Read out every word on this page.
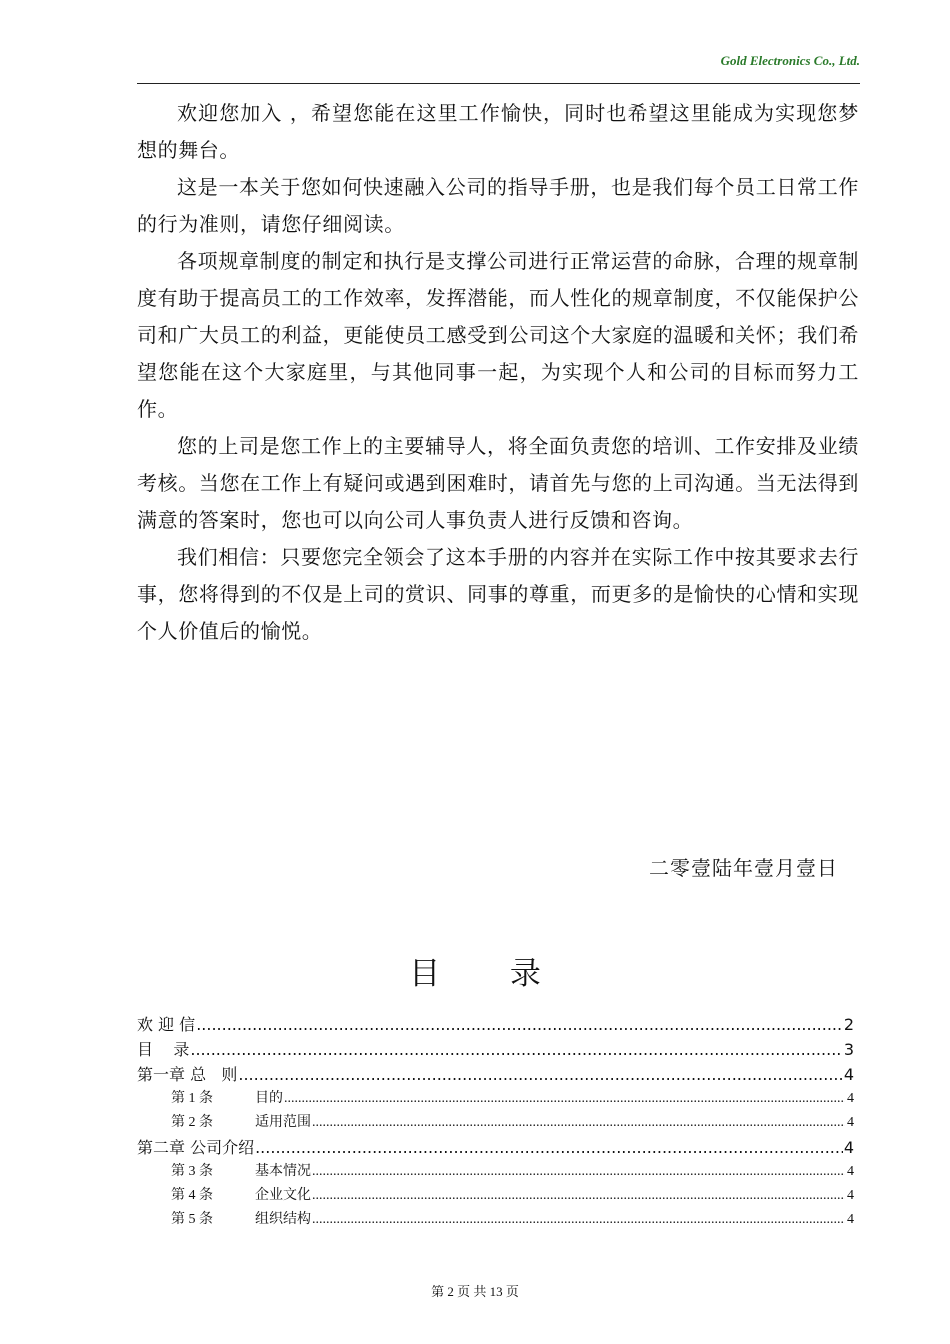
Gold Electronics Co., Ltd.

欢迎您加入 ，希望您能在这里工作愉快，同时也希望这里能成为实现您梦想的舞台。

这是一本关于您如何快速融入公司的指导手册，也是我们每个员工日常工作的行为准则，请您仔细阅读。

各项规章制度的制定和执行是支撑公司进行正常运营的命脉，合理的规章制度有助于提高员工的工作效率，发挥潜能，而人性化的规章制度，不仅能保护公司和广大员工的利益，更能使员工感受到公司这个大家庭的温暖和关怀；我们希望您能在这个大家庭里，与其他同事一起，为实现个人和公司的目标而努力工作。

您的上司是您工作上的主要辅导人，将全面负责您的培训、工作安排及业绩考核。当您在工作上有疑问或遇到困难时，请首先与您的上司沟通。当无法得到满意的答案时，您也可以向公司人事负责人进行反馈和咨询。

我们相信：只要您完全领会了这本手册的内容并在实际工作中按其要求去行事，您将得到的不仅是上司的赏识、同事的尊重，而更多的是愉快的心情和实现个人价值后的愉悦。

二零壹陆年壹月壹日
目 录
欢 迎 信 .....	2
目    录 .....	3
第一章 总   则 .....	4
第 1 条	目的 .....	4
第 2 条	适用范围 .....	4
第二章 公司介绍 .....	4
第 3 条	基本情况 .....	4
第 4 条	企业文化 .....	4
第 5 条	组织结构 .....	4
第 2 页 共 13 页
